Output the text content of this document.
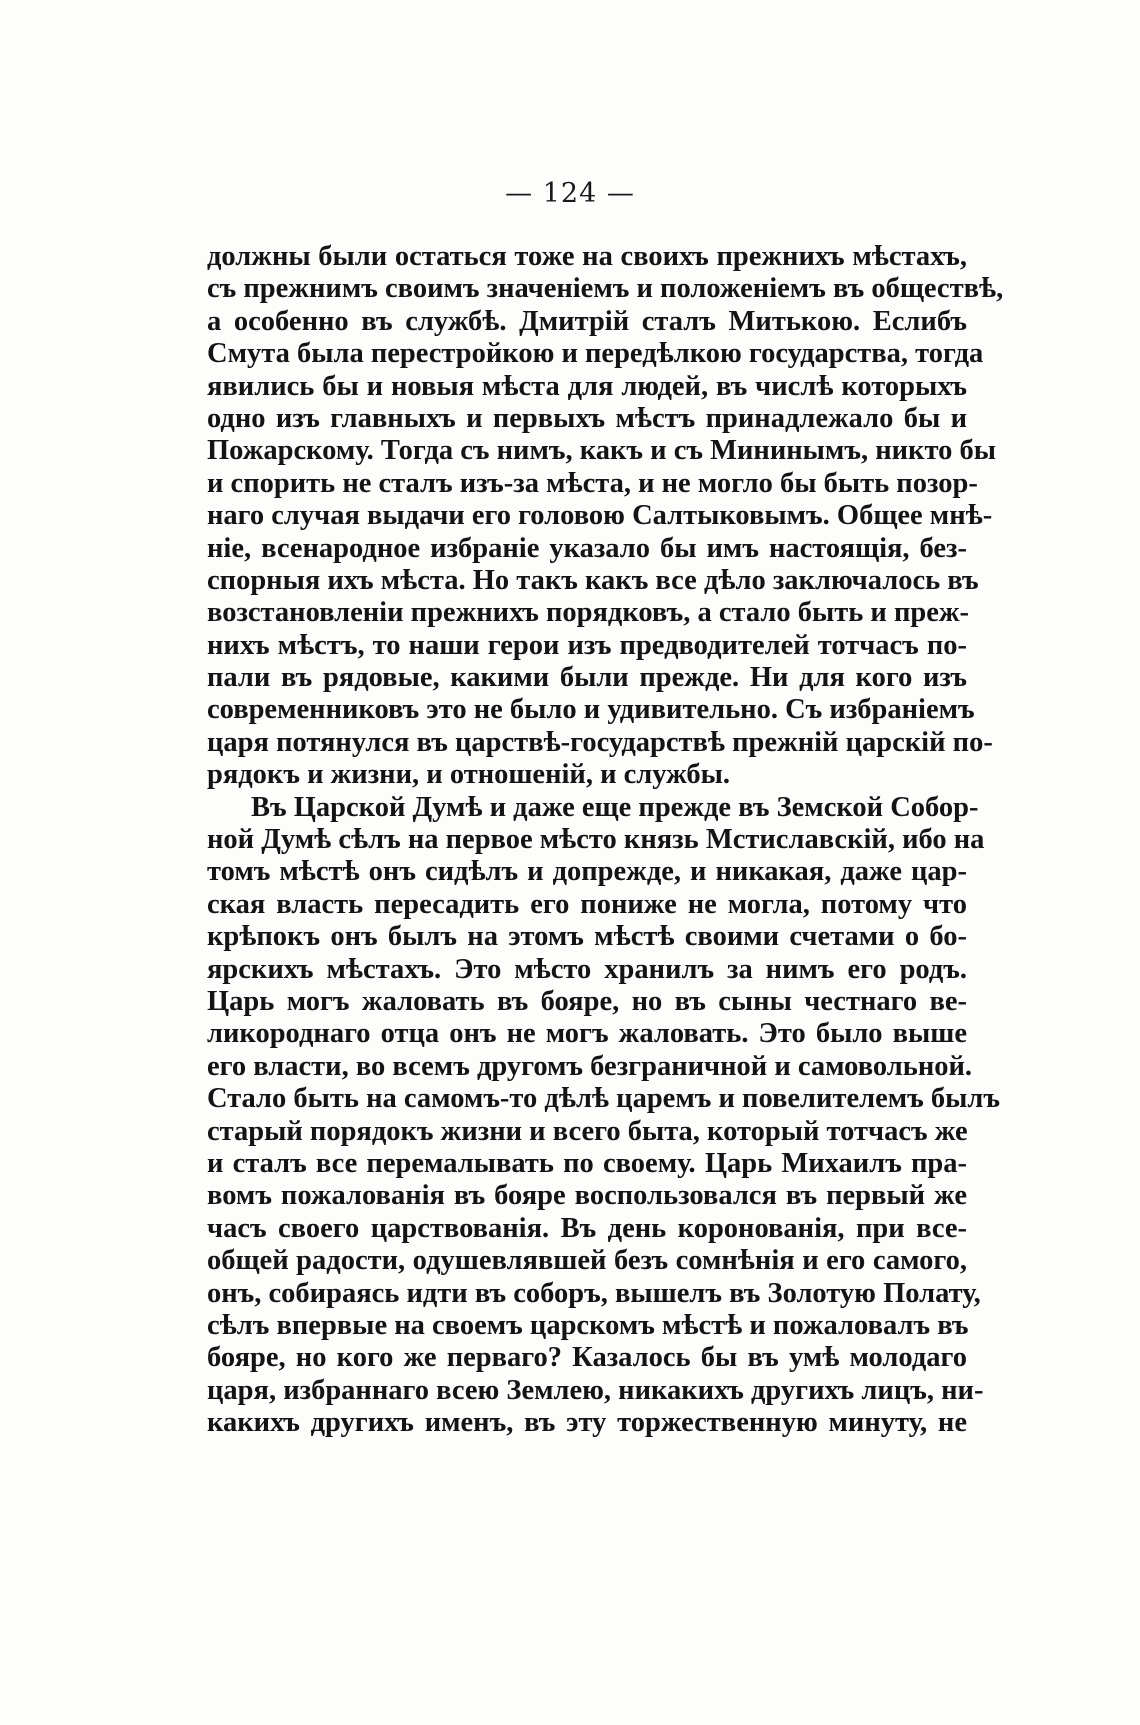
— 124 —
должны были остаться тоже на своихъ прежнихъ мѣстахъ,
съ прежнимъ своимъ значеніемъ и положеніемъ въ обществѣ,
а особенно въ службѣ. Дмитрій сталъ Митькою. Еслибъ
Смута была перестройкою и передѣлкою государства, тогда
явились бы и новыя мѣста для людей, въ числѣ которыхъ
одно изъ главныхъ и первыхъ мѣстъ принадлежало бы и
Пожарскому. Тогда съ нимъ, какъ и съ Мининымъ, никто бы
и спорить не сталъ изъ-за мѣста, и не могло бы быть позор-
наго случая выдачи его головою Салтыковымъ. Общее мнѣ-
ніе, всенародное избраніе указало бы имъ настоящія, без-
спорныя ихъ мѣста. Но такъ какъ все дѣло заключалось въ
возстановленіи прежнихъ порядковъ, а стало быть и преж-
нихъ мѣстъ, то наши герои изъ предводителей тотчасъ по-
пали въ рядовые, какими были прежде. Ни для кого изъ
современниковъ это не было и удивительно. Съ избраніемъ
царя потянулся въ царствѣ-государствѣ прежній царскій по-
рядокъ и жизни, и отношеній, и службы.
Въ Царской Думѣ и даже еще прежде въ Земской Собор-
ной Думѣ сѣлъ на первое мѣсто князь Мстиславскій, ибо на
томъ мѣстѣ онъ сидѣлъ и допрежде, и никакая, даже цар-
ская власть пересадить его пониже не могла, потому что
крѣпокъ онъ былъ на этомъ мѣстѣ своими счетами о бо-
ярскихъ мѣстахъ. Это мѣсто хранилъ за нимъ его родъ.
Царь могъ жаловать въ бояре, но въ сыны честнаго ве-
ликороднаго отца онъ не могъ жаловать. Это было выше
его власти, во всемъ другомъ безграничной и самовольной.
Стало быть на самомъ-то дѣлѣ царемъ и повелителемъ былъ
старый порядокъ жизни и всего быта, который тотчасъ же
и сталъ все перемалывать по своему. Царь Михаилъ пра-
вомъ пожалованія въ бояре воспользовался въ первый же
часъ своего царствованія. Въ день коронованія, при все-
общей радости, одушевлявшей безъ сомнѣнія и его самого,
онъ, собираясь идти въ соборъ, вышелъ въ Золотую Полату,
сѣлъ впервые на своемъ царскомъ мѣстѣ и пожаловалъ въ
бояре, но кого же перваго? Казалось бы въ умѣ молодаго
царя, избраннаго всею Землею, никакихъ другихъ лицъ, ни-
какихъ другихъ именъ, въ эту торжественную минуту, не
